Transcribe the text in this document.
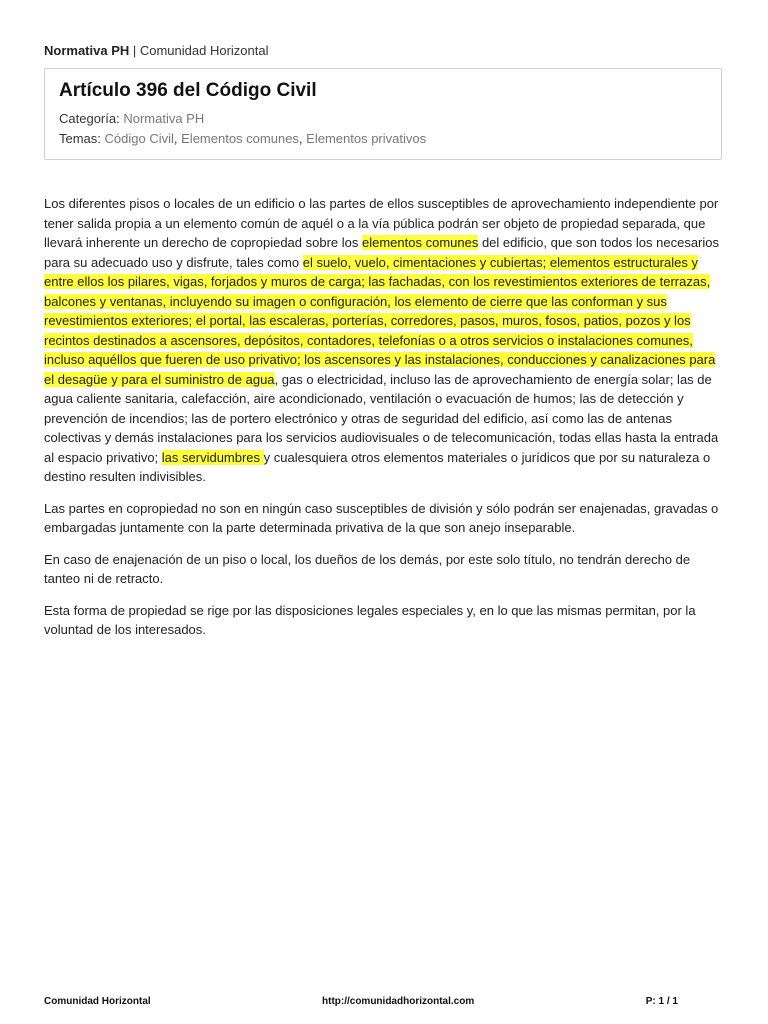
Normativa PH | Comunidad Horizontal
Artículo 396 del Código Civil
Categoría: Normativa PH
Temas: Código Civil, Elementos comunes, Elementos privativos

Los diferentes pisos o locales de un edificio o las partes de ellos susceptibles de aprovechamiento independiente por tener salida propia a un elemento común de aquél o a la vía pública podrán ser objeto de propiedad separada, que llevará inherente un derecho de copropiedad sobre los elementos comunes del edificio, que son todos los necesarios para su adecuado uso y disfrute, tales como el suelo, vuelo, cimentaciones y cubiertas; elementos estructurales y entre ellos los pilares, vigas, forjados y muros de carga; las fachadas, con los revestimientos exteriores de terrazas, balcones y ventanas, incluyendo su imagen o configuración, los elemento de cierre que las conforman y sus revestimientos exteriores; el portal, las escaleras, porterías, corredores, pasos, muros, fosos, patios, pozos y los recintos destinados a ascensores, depósitos, contadores, telefonías o a otros servicios o instalaciones comunes, incluso aquéllos que fueren de uso privativo; los ascensores y las instalaciones, conducciones y canalizaciones para el desagüe y para el suministro de agua, gas o electricidad, incluso las de aprovechamiento de energía solar; las de agua caliente sanitaria, calefacción, aire acondicionado, ventilación o evacuación de humos; las de detección y prevención de incendios; las de portero electrónico y otras de seguridad del edificio, así como las de antenas colectivas y demás instalaciones para los servicios audiovisuales o de telecomunicación, todas ellas hasta la entrada al espacio privativo; las servidumbres y cualesquiera otros elementos materiales o jurídicos que por su naturaleza o destino resulten indivisibles.

Las partes en copropiedad no son en ningún caso susceptibles de división y sólo podrán ser enajenadas, gravadas o embargadas juntamente con la parte determinada privativa de la que son anejo inseparable.

En caso de enajenación de un piso o local, los dueños de los demás, por este solo título, no tendrán derecho de tanteo ni de retracto.

Esta forma de propiedad se rige por las disposiciones legales especiales y, en lo que las mismas permitan, por la voluntad de los interesados.

Comunidad Horizontal	http://comunidadhorizontal.com	P: 1 / 1
